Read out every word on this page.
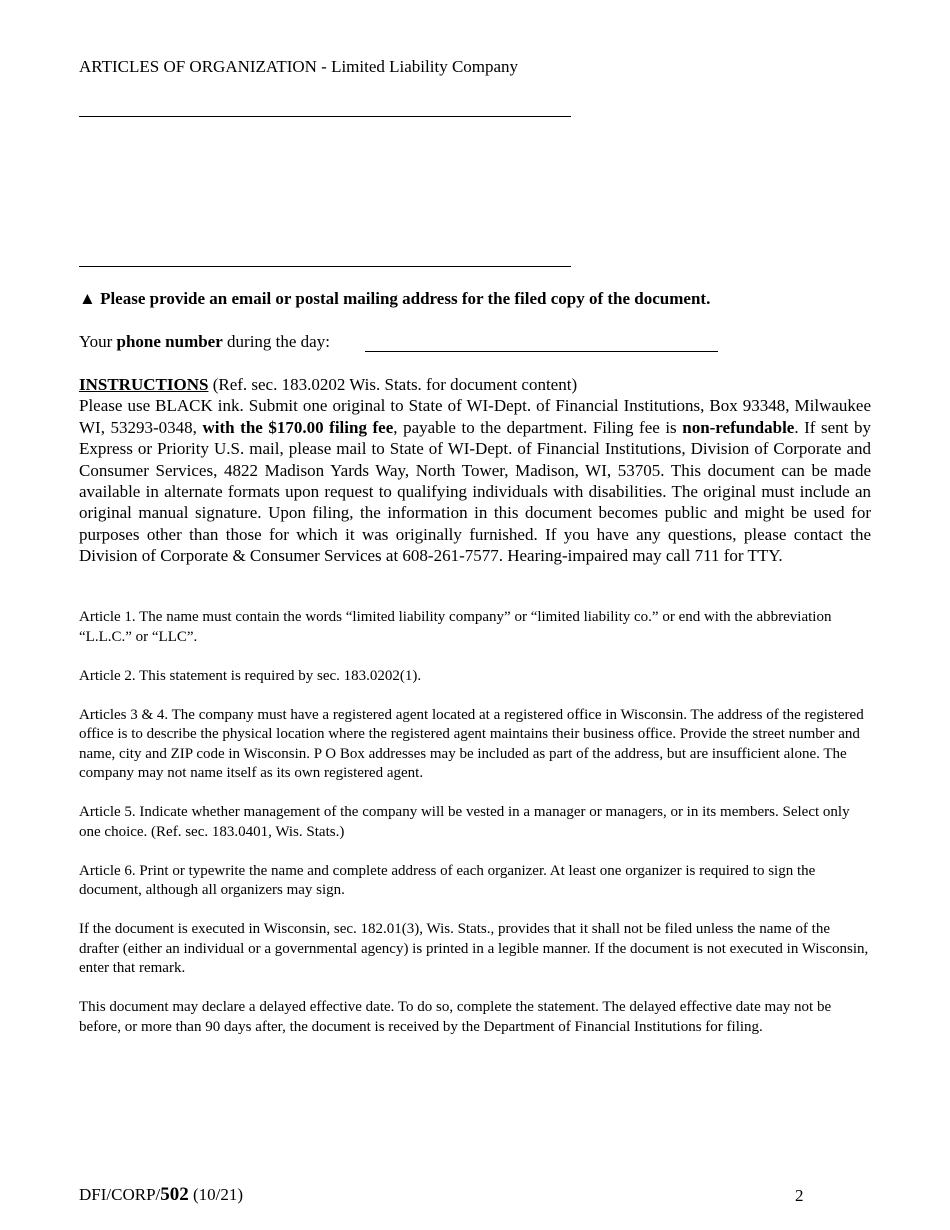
ARTICLES OF ORGANIZATION - Limited Liability Company
▲ Please provide an email or postal mailing address for the filed copy of the document.
Your phone number during the day:
INSTRUCTIONS (Ref. sec. 183.0202 Wis. Stats. for document content)
Please use BLACK ink. Submit one original to State of WI-Dept. of Financial Institutions, Box 93348, Milwaukee WI, 53293-0348, with the $170.00 filing fee, payable to the department. Filing fee is non-refundable. If sent by Express or Priority U.S. mail, please mail to State of WI-Dept. of Financial Institutions, Division of Corporate and Consumer Services, 4822 Madison Yards Way, North Tower, Madison, WI, 53705. This document can be made available in alternate formats upon request to qualifying individuals with disabilities. The original must include an original manual signature. Upon filing, the information in this document becomes public and might be used for purposes other than those for which it was originally furnished. If you have any questions, please contact the Division of Corporate & Consumer Services at 608-261-7577. Hearing-impaired may call 711 for TTY.

Article 1. The name must contain the words “limited liability company” or “limited liability co.” or end with the abbreviation “L.L.C.” or “LLC”.

Article 2. This statement is required by sec. 183.0202(1).

Articles 3 & 4. The company must have a registered agent located at a registered office in Wisconsin. The address of the registered office is to describe the physical location where the registered agent maintains their business office. Provide the street number and name, city and ZIP code in Wisconsin. P O Box addresses may be included as part of the address, but are insufficient alone. The company may not name itself as its own registered agent.

Article 5. Indicate whether management of the company will be vested in a manager or managers, or in its members. Select only one choice. (Ref. sec. 183.0401, Wis. Stats.)

Article 6. Print or typewrite the name and complete address of each organizer. At least one organizer is required to sign the document, although all organizers may sign.

If the document is executed in Wisconsin, sec. 182.01(3), Wis. Stats., provides that it shall not be filed unless the name of the drafter (either an individual or a governmental agency) is printed in a legible manner. If the document is not executed in Wisconsin, enter that remark.

This document may declare a delayed effective date. To do so, complete the statement. The delayed effective date may not be before, or more than 90 days after, the document is received by the Department of Financial Institutions for filing.

DFI/CORP/502 (10/21)	2
